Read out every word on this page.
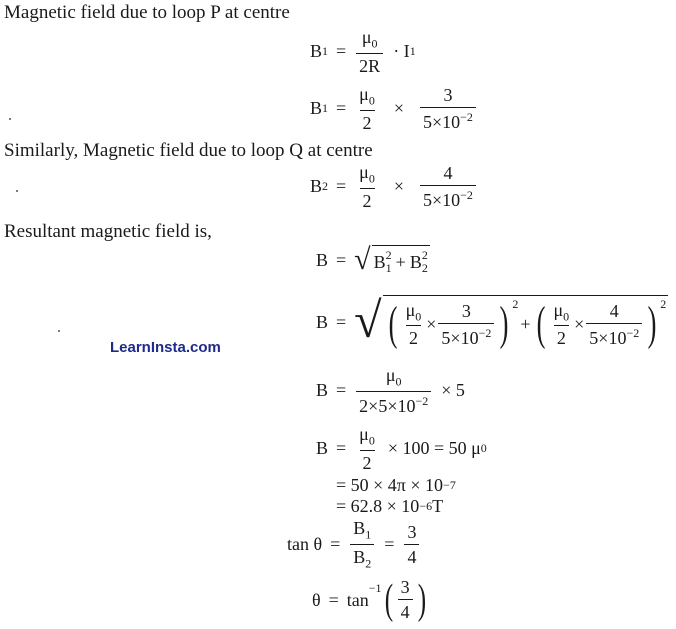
Magnetic field due to loop P at centre
Similarly, Magnetic field due to loop Q at centre
Resultant magnetic field is,
B $1 = \frac{\mu_0}{2R} \cdot I$ 1
B $1 = \frac{\mu_0}{2} \times \frac{3}{5\times 10^{-2}}$
B $2 = \frac{\mu_0}{2} \times \frac{4}{5\times 10^{-2}}$
B = √ B 2
1 + B 2
2
B = √ ( $\frac{\mu_0}{2} \times \frac{3}{5\times 10^{-2}}$ ) 2
+ ( $\frac{\mu_0}{2} \times \frac{4}{5\times 10^{-2}}$ ) 2
LearnInsta.com
$B = \frac{\mu_0}{2\times 5\times 10^{-2}} \times 5$
$B = \frac{\mu_0}{2} \times 100 = 50$ μ 0
= 50 × 4π × 10 −7
= 62.8 × 10 −6 T
$\tan \theta = \frac{B_1}{B_2} = \frac{3}{4}$
θ = tan
$^{-1}$ ( $\frac{3}{4}$ )
